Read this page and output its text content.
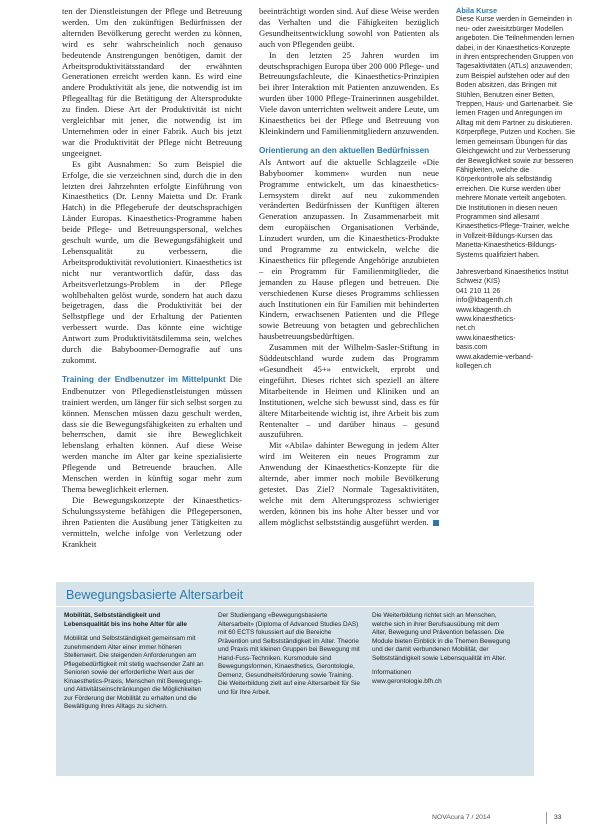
ten der Dienstleistungen der Pflege und Betreuung werden. Um den zukünftigen Bedürfnissen der alternden Bevölkerung gerecht werden zu können, wird es sehr wahrscheinlich noch genauso bedeutende Anstrengungen benötigen, damit der Arbeitsproduktivitätsstandard der erwähnten Generationen erreicht werden kann. Es wird eine andere Produktivität als jene, die notwendig ist im Pflegealltag für die Betätigung der Altersprodukte zu finden. Diese Art der Produktivität ist nicht vergleichbar mit jener, die notwendig ist im Unternehmen oder in einer Fabrik. Auch bis jetzt war die Produktivität der Pflege nicht Betreuung ungeeignet.

Es gibt Ausnahmen: So zum Beispiel die Erfolge, die sie verzeichnen sind, durch die in den letzten drei Jahrzehnten erfolgte Einführung von Kinaesthetics (Dr. Lenny Maietta und Dr. Frank Hatch) in die Pflegeberufe der deutschsprachigen Länder Europas. Kinaesthetics-Programme haben beide Pflege- und Betreuungspersonal, welches geschult wurde, um die Bewegungsfähigkeit und Lebensqualität zu verbessern, die Arbeitsproduktivität revolutioniert. Kinaesthetics ist nicht nur verantwortlich dafür, dass das Arbeitsverletzungs-Problem in der Pflege wohlbehalten gelöst wurde, sondern hat auch dazu beigetragen, dass die Produktivität bei der Selbstpflege und der Erhaltung der Patienten verbessert wurde. Das könnte eine wichtige Antwort zum Produktivitätsdilemma sein, welches durch die Babyboomer-Demografie auf uns zukommt.

Training der Endbenutzer im Mittelpunkt Die Endbenutzer von Pflegedienstleistungen müssen trainiert werden, um länger für sich selbst sorgen zu können. Menschen müssen dazu geschult werden, dass sie die Bewegungsfähigkeiten zu erhalten und beherrschen, damit sie ihre Beweglichkeit lebenslang erhalten können. Auf diese Weise werden manche im Alter gar keine spezialisierte Pflegende und Betreuende brauchen. Alle Menschen werden in künftig sogar mehr zum Thema beweglichkeit erlernen.

Die Bewegungskonzepte der Kinaesthetics-Schulungssysteme befähigen die Pflegepersonen, ihren Patienten die Ausübung jener Tätigkeiten zu vermitteln, welche infolge von Verletzung oder Krankheit

beeinträchtigt worden sind. Auf diese Weise werden das Verhalten und die Fähigkeiten bezüglich Gesundheitsentwicklung sowohl von Patienten als auch von Pflegenden geübt.

In den letzten 25 Jahren wurden im deutschsprachigen Europa über 200 000 Pflege- und Betreuungsfachleute, die Kinaesthetics-Prinzipien bei ihrer Interaktion mit Patienten anzuwenden. Es wurden über 1000 Pflege-Trainerinnen ausgebildet. Viele davon unterrichten weltweit andere Leute, um Kinaesthetics bei der Pflege und Betreuung von Kleinkindern und Familienmitgliedern anzuwenden.

Orientierung an den aktuellen Bedürfnissen

Als Antwort auf die aktuelle Schlagzeile «Die Babyboomer kommen» wurden nun neue Programme entwickelt, um das kinaesthetics-Lernsystem direkt auf neu zukommenden veränderten Bedürfnissen der Kunftigen älteren Generation anzupassen. In Zusammenarbeit mit dem europäischen Organisationen Verbände, Linzudert wurden, um die Kinaesthetics-Produkte und Programme zu entwickeln, welche die Kinaesthetics für pflegende Angehörige anzubieten – ein Programm für Familienmitglieder, die jemanden zu Hause pflegen und betreuen. Die verschiedenen Kurse dieses Programms schliessen auch Institutionen ein für Familien mit behinderten Kindern, erwachsenen Patienten und die Pflege sowie Betreuung von betagten und gebrechlichen hausbetreuungsbedürftigen.

Zusammen mit der Wilhelm-Sasler-Stiftung in Süddeutschland wurde zudem das Programm «Gesundheit 45+» entwickelt, erprobt und eingeführt. Dieses richtet sich speziell an ältere Mitarbeitende in Heimen und Kliniken und an Institutionen, welche sich bewusst sind, dass es für ältere Mitarbeitende wichtig ist, ihre Arbeit bis zum Rentenalter – und darüber hinaus – gesund auszuführen.

Mit «Abila» dahinter Bewegung in jedem Alter wird im Weiteren ein neues Programm zur Anwendung der Kinaesthetics-Konzepte für die alternde, aber immer noch mobile Bevölkerung getestet. Das Ziel? Normale Tagesaktivitäten, welche mit dem Alterungsprozess schwieriger werden, können bis ins hohe Alter besser und vor allem möglichst selbstständig ausgeführt werden.

Abila Kurse
Diese Kurse werden in Gemeinden in neu- oder zweisitzbürger Modellen angeboten. Die Teilnehmenden lernen dabei, in der Kinaesthetics-Konzepte in ihren entsprechenden Gruppen von Tagesaktivitäten (ATLs) anzuwenden; zum Beispiel aufstehen oder auf den Boden absitzen, das Bringen mit Stühlen, Benutzen einer Betten, Treppen, Haus- und Gartenarbeit. Sie lernen Fragen und Anregungen im Alltag mit dem Partner zu diskutieren. Körperpflege, Putzen und Kochen. Sie lernen gemeinsam Übungen für das Gleichgewicht und zur Verbesserung der Beweglichkeit sowie zur besseren Fähigkeiten, welche die Körperkontrolle als selbständig erreichen. Die Kurse werden über mehrere Monate verteilt angeboten.
Die Institutionen in diesen neuen Programmen sind allesamt Kinaesthetics-Pflege-Trainer, welche in Vollzeit-Bildungs-Kursen das Manetta-Kinaesthetics-Bildungs-Systems qualifiziert haben.
Jahresverband Kinaesthetics Institut Schweiz (KIS)
041 210 11 26
info@kbagenth.ch
www.kbagenth.ch
www.kinaesthetics-
net.ch
www.kinaesthetics-
basis.com
www.akademie-verband-
kollegen.ch
Bewegungsbasierte Altersarbeit
Mobilität, Selbstständigkeit und Lebensqualität bis ins hohe Alter für alle
Mobilität und Selbstständigkeit gemeinsam mit zunehmendem Alter einer immer höheren Stellenwert. Die steigenden Anforderungen am Pflegebedürftigkeit mit stetig wachsender Zahl an Senioren sowie der erforderliche Wert aus der Kinaesthetics-Praxis, Menschen mit Bewegungs- und Aktivitätseinschränkungen die Möglichkeiten zur Förderung der Mobilität zu erhalten und die Bewältigung ihres Alltags zu sichern.
Der Studiengang «Bewegungsbasierte Altersarbeit» (Diploma of Advanced Studies DAS) mit 60 ECTS fokussiert auf die Bereiche Prävention und Selbstständigkeit im Alter. Theorie und Praxis mit kleinen Gruppen bei Bewegung mit Hand-Fuss-Techniken. Kursmodule sind Bewegungsformen, Kinaesthetics, Gerontologie, Demenz, Gesundheitsförderung sowie Training. Die Weiterbildung zielt auf eine Altersarbeit für Sie und für Ihre Arbeit.
Die Weiterbildung richtet sich an Menschen, welche sich in ihrer Berufsausübung mit dem Alter, Bewegung und Prävention befassen. Die Module bieten Einblick in die Themen Bewegung und der damit verbundenen Mobilität, der Selbstständigkeit sowie Lebensqualität im Alter.
Informationen
www.gerontologie.bfh.ch
NOVAcura 7 / 2014	33
